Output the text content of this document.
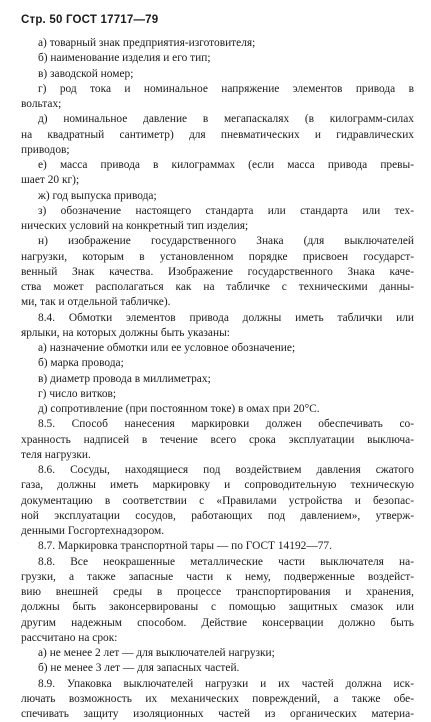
Стр. 50 ГОСТ 17717—79
а) товарный знак предприятия-изготовителя;
б) наименование изделия и его тип;
в) заводской номер;
г) род тока и номинальное напряжение элементов привода в
вольтах;
д) номинальное давление в мегапаскалях (в килограмм-силах
на квадратный сантиметр) для пневматических и гидравлических
приводов;
е) масса привода в килограммах (если масса привода превы-
шает 20 кг);
ж) год выпуска привода;
з) обозначение настоящего стандарта или стандарта или тех-
нических условий на конкретный тип изделия;
н) изображение государственного Знака (для выключателей
нагрузки, которым в установленном порядке присвоен государст-
венный Знак качества. Изображение государственного Знака каче-
ства может располагаться как на табличке с техническими данны-
ми, так и отдельной табличке).
8.4. Обмотки элементов привода должны иметь таблички или
ярлыки, на которых должны быть указаны:
а) назначение обмотки или ее условное обозначение;
б) марка провода;
в) диаметр провода в миллиметрах;
г) число витков;
д) сопротивление (при постоянном токе) в омах при 20°С.
8.5. Способ нанесения маркировки должен обеспечивать со-
хранность надписей в течение всего срока эксплуатации выключа-
теля нагрузки.
8.6. Сосуды, находящиеся под воздействием давления сжатого
газа, должны иметь маркировку и сопроводительную техническую
документацию в соответствии с «Правилами устройства и безопас-
ной эксплуатации сосудов, работающих под давлением», утверж-
денными Госгортехнадзором.
8.7. Маркировка транспортной тары — по ГОСТ 14192—77.
8.8. Все неокрашенные металлические части выключателя на-
грузки, а также запасные части к нему, подверженные воздейст-
вию внешней среды в процессе транспортирования и хранения,
должны быть законсервированы с помощью защитных смазок или
другим надежным способом. Действие консервации должно быть
рассчитано на срок:
а) не менее 2 лет — для выключателей нагрузки;
б) не менее 3 лет — для запасных частей.
8.9. Упаковка выключателей нагрузки и их частей должна иск-
лючать возможность их механических повреждений, а также обе-
спечивать защиту изоляционных частей из органических материа-
